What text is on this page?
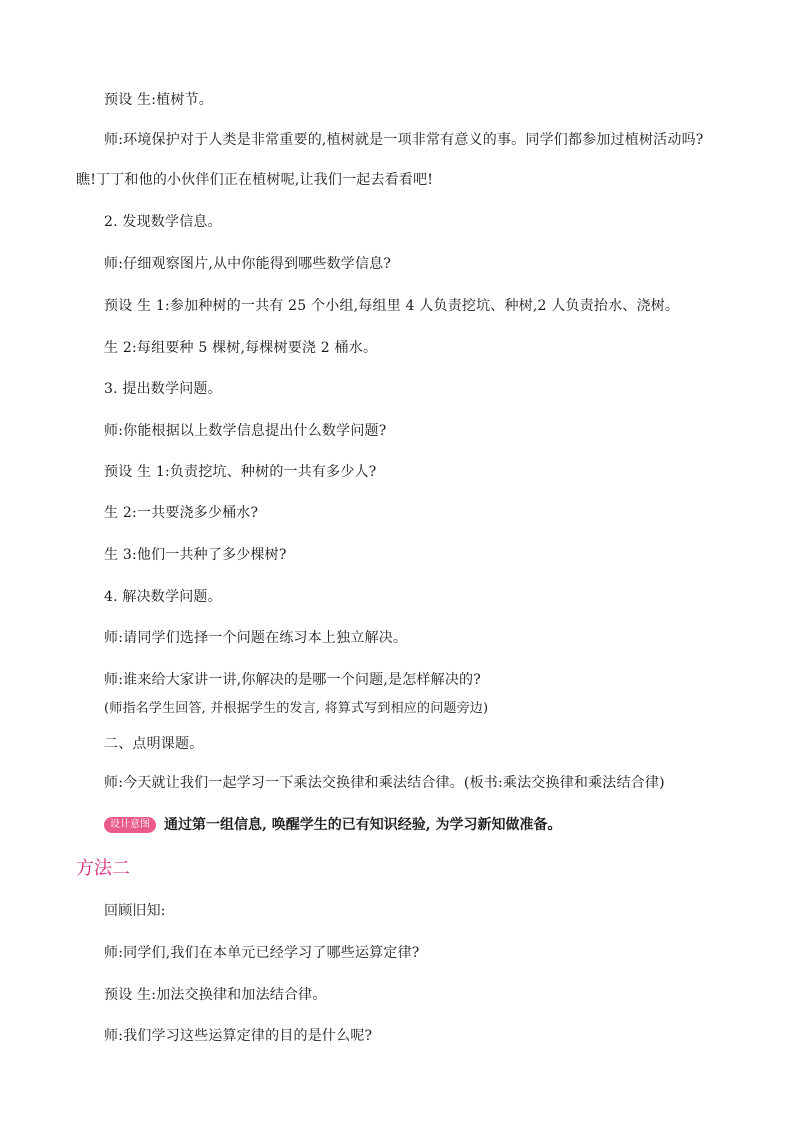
预设 生:植树节。
师:环境保护对于人类是非常重要的,植树就是一项非常有意义的事。同学们都参加过植树活动吗?
瞧!丁丁和他的小伙伴们正在植树呢,让我们一起去看看吧!
2. 发现数学信息。
师:仔细观察图片,从中你能得到哪些数学信息?
预设 生 1:参加种树的一共有 25 个小组,每组里 4 人负责挖坑、种树,2 人负责抬水、浇树。
生 2:每组要种 5 棵树,每棵树要浇 2 桶水。
3. 提出数学问题。
师:你能根据以上数学信息提出什么数学问题?
预设 生 1:负责挖坑、种树的一共有多少人?
生 2:一共要浇多少桶水?
生 3:他们一共种了多少棵树?
4. 解决数学问题。
师:请同学们选择一个问题在练习本上独立解决。
师:谁来给大家讲一讲,你解决的是哪一个问题,是怎样解决的?
(师指名学生回答, 并根据学生的发言, 将算式写到相应的问题旁边)
二、点明课题。
师:今天就让我们一起学习一下乘法交换律和乘法结合律。(板书:乘法交换律和乘法结合律)
设计意图	通过第一组信息, 唤醒学生的已有知识经验, 为学习新知做准备。
方法二
回顾旧知:
师:同学们,我们在本单元已经学习了哪些运算定律?
预设 生:加法交换律和加法结合律。
师:我们学习这些运算定律的目的是什么呢?
